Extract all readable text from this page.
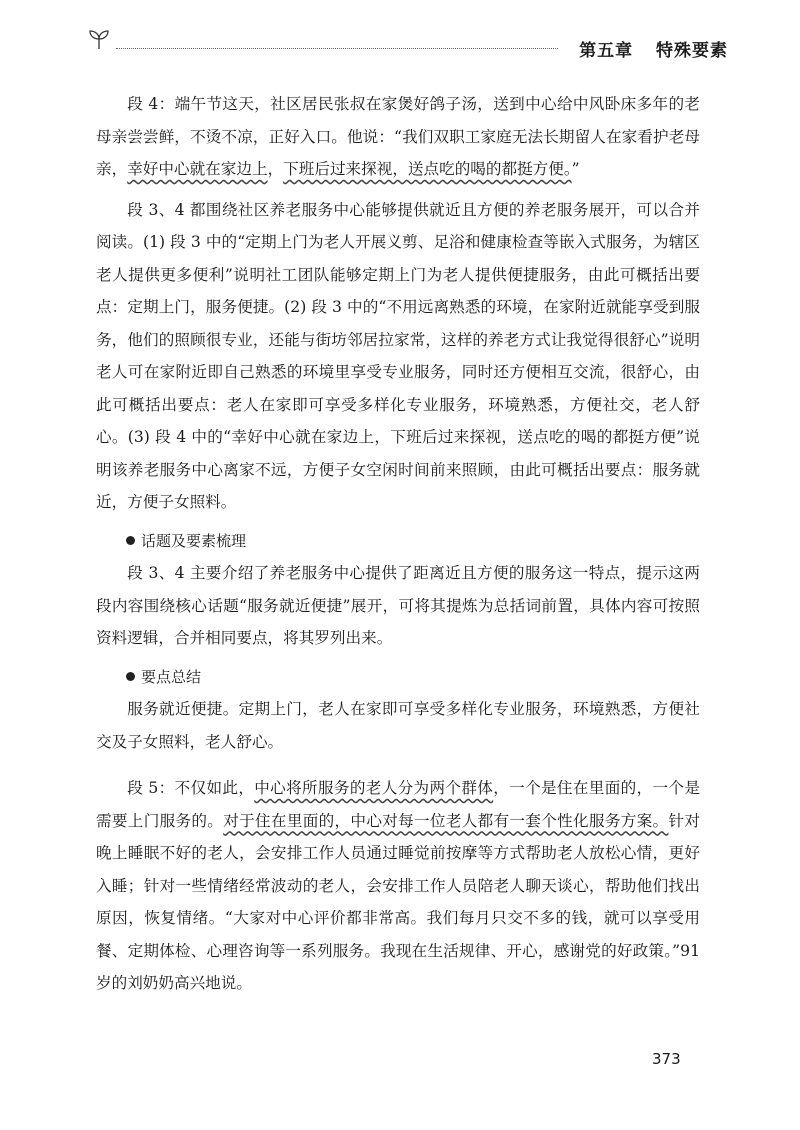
第五章 特殊要素

段 4：端午节这天，社区居民张叔在家煲好鸽子汤，送到中心给中风卧床多年的老母亲尝尝鲜，不烫不凉，正好入口。他说：“我们双职工家庭无法长期留人在家看护老母亲，幸好中心就在家边上，下班后过来探视，送点吃的喝的都挺方便。”

段 3、4 都围绕社区养老服务中心能够提供就近且方便的养老服务展开，可以合并阅读。(1) 段 3 中的“定期上门为老人开展义剪、足浴和健康检查等嵌入式服务，为辖区老人提供更多便利”说明社工团队能够定期上门为老人提供便捷服务，由此可概括出要点：定期上门，服务便捷。(2) 段 3 中的“不用远离熟悉的环境，在家附近就能享受到服务，他们的照顾很专业，还能与街坊邻居拉家常，这样的养老方式让我觉得很舒心”说明老人可在家附近即自己熟悉的环境里享受专业服务，同时还方便相互交流，很舒心，由此可概括出要点：老人在家即可享受多样化专业服务，环境熟悉，方便社交，老人舒心。(3) 段 4 中的“幸好中心就在家边上，下班后过来探视，送点吃的喝的都挺方便”说明该养老服务中心离家不远，方便子女空闲时间前来照顾，由此可概括出要点：服务就近，方便子女照料。

话题及要素梳理

段 3、4 主要介绍了养老服务中心提供了距离近且方便的服务这一特点，提示这两段内容围绕核心话题“服务就近便捷”展开，可将其提炼为总括词前置，具体内容可按照资料逻辑，合并相同要点，将其罗列出来。

要点总结

服务就近便捷。定期上门，老人在家即可享受多样化专业服务，环境熟悉，方便社交及子女照料，老人舒心。

段 5：不仅如此，中心将所服务的老人分为两个群体，一个是住在里面的，一个是需要上门服务的。对于住在里面的，中心对每一位老人都有一套个性化服务方案。针对晚上睡眠不好的老人，会安排工作人员通过睡觉前按摩等方式帮助老人放松心情，更好入睡；针对一些情绪经常波动的老人，会安排工作人员陪老人聊天谈心，帮助他们找出原因，恢复情绪。“大家对中心评价都非常高。我们每月只交不多的钱，就可以享受用餐、定期体检、心理咨询等一系列服务。我现在生活规律、开心，感谢党的好政策。”91 岁的刘奶奶高兴地说。

373
